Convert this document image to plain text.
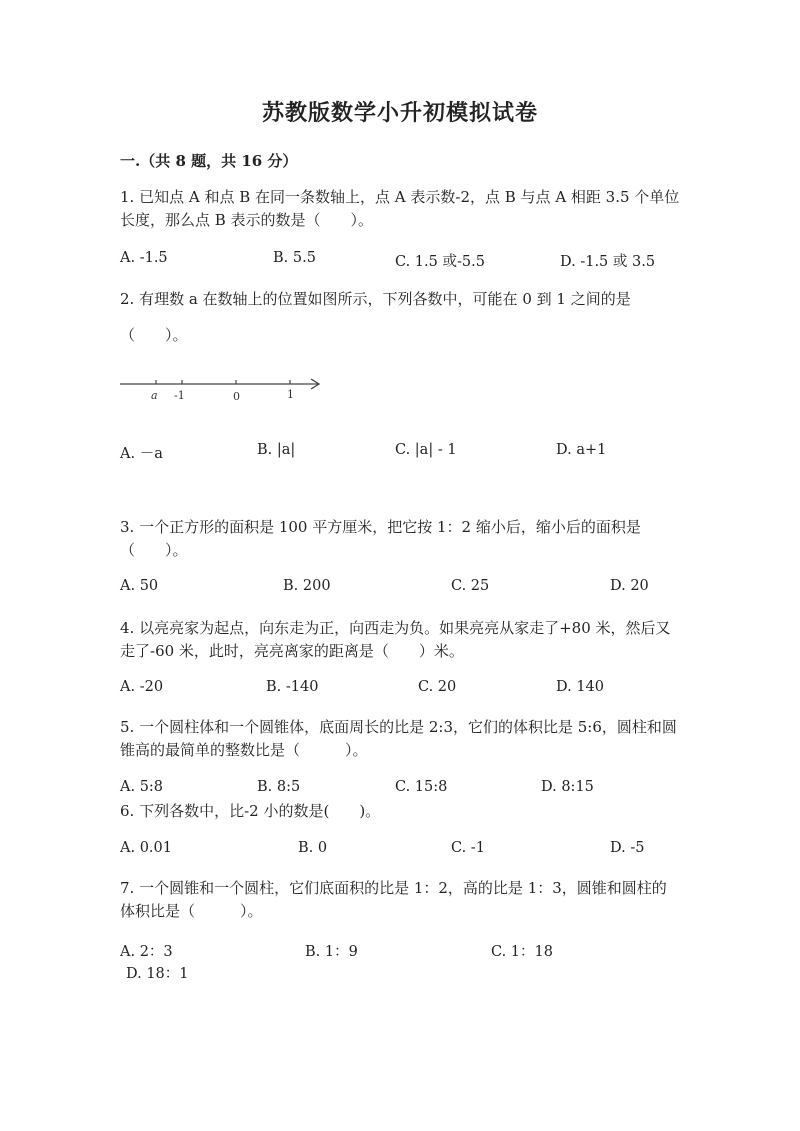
苏教版数学小升初模拟试卷
一.（共 8 题，共 16 分）
1. 已知点 A 和点 B 在同一条数轴上，点 A 表示数-2，点 B 与点 A 相距 3.5 个单位长度，那么点 B 表示的数是（　　）。
A. -1.5	B. 5.5	C. 1.5 或-5.5	D. -1.5 或 3.5
2. 有理数 a 在数轴上的位置如图所示，下列各数中，可能在 0 到 1 之间的是
（　　）。
a -1	0	1
A. －a	B. |a|	C. |a| - 1	D. a+1
3. 一个正方形的面积是 100 平方厘米，把它按 1：2 缩小后，缩小后的面积是（　　）。
A. 50	B. 200	C. 25	D. 20
4. 以亮亮家为起点，向东走为正，向西走为负。如果亮亮从家走了+80 米，然后又走了-60 米，此时，亮亮离家的距离是（　　）米。
A. -20	B. -140	C. 20	D. 140
5. 一个圆柱体和一个圆锥体，底面周长的比是 2:3，它们的体积比是 5:6，圆柱和圆锥高的最简单的整数比是（　　　）。
A. 5:8	B. 8:5	C. 15:8	D. 8:15
6. 下列各数中，比-2 小的数是(　　)。
A. 0.01	B. 0	C. -1	D. -5
7. 一个圆锥和一个圆柱，它们底面积的比是 1：2，高的比是 1：3，圆锥和圆柱的体积比是（　　　）。
A. 2：3	B. 1：9	C. 1：18
D. 18：1
